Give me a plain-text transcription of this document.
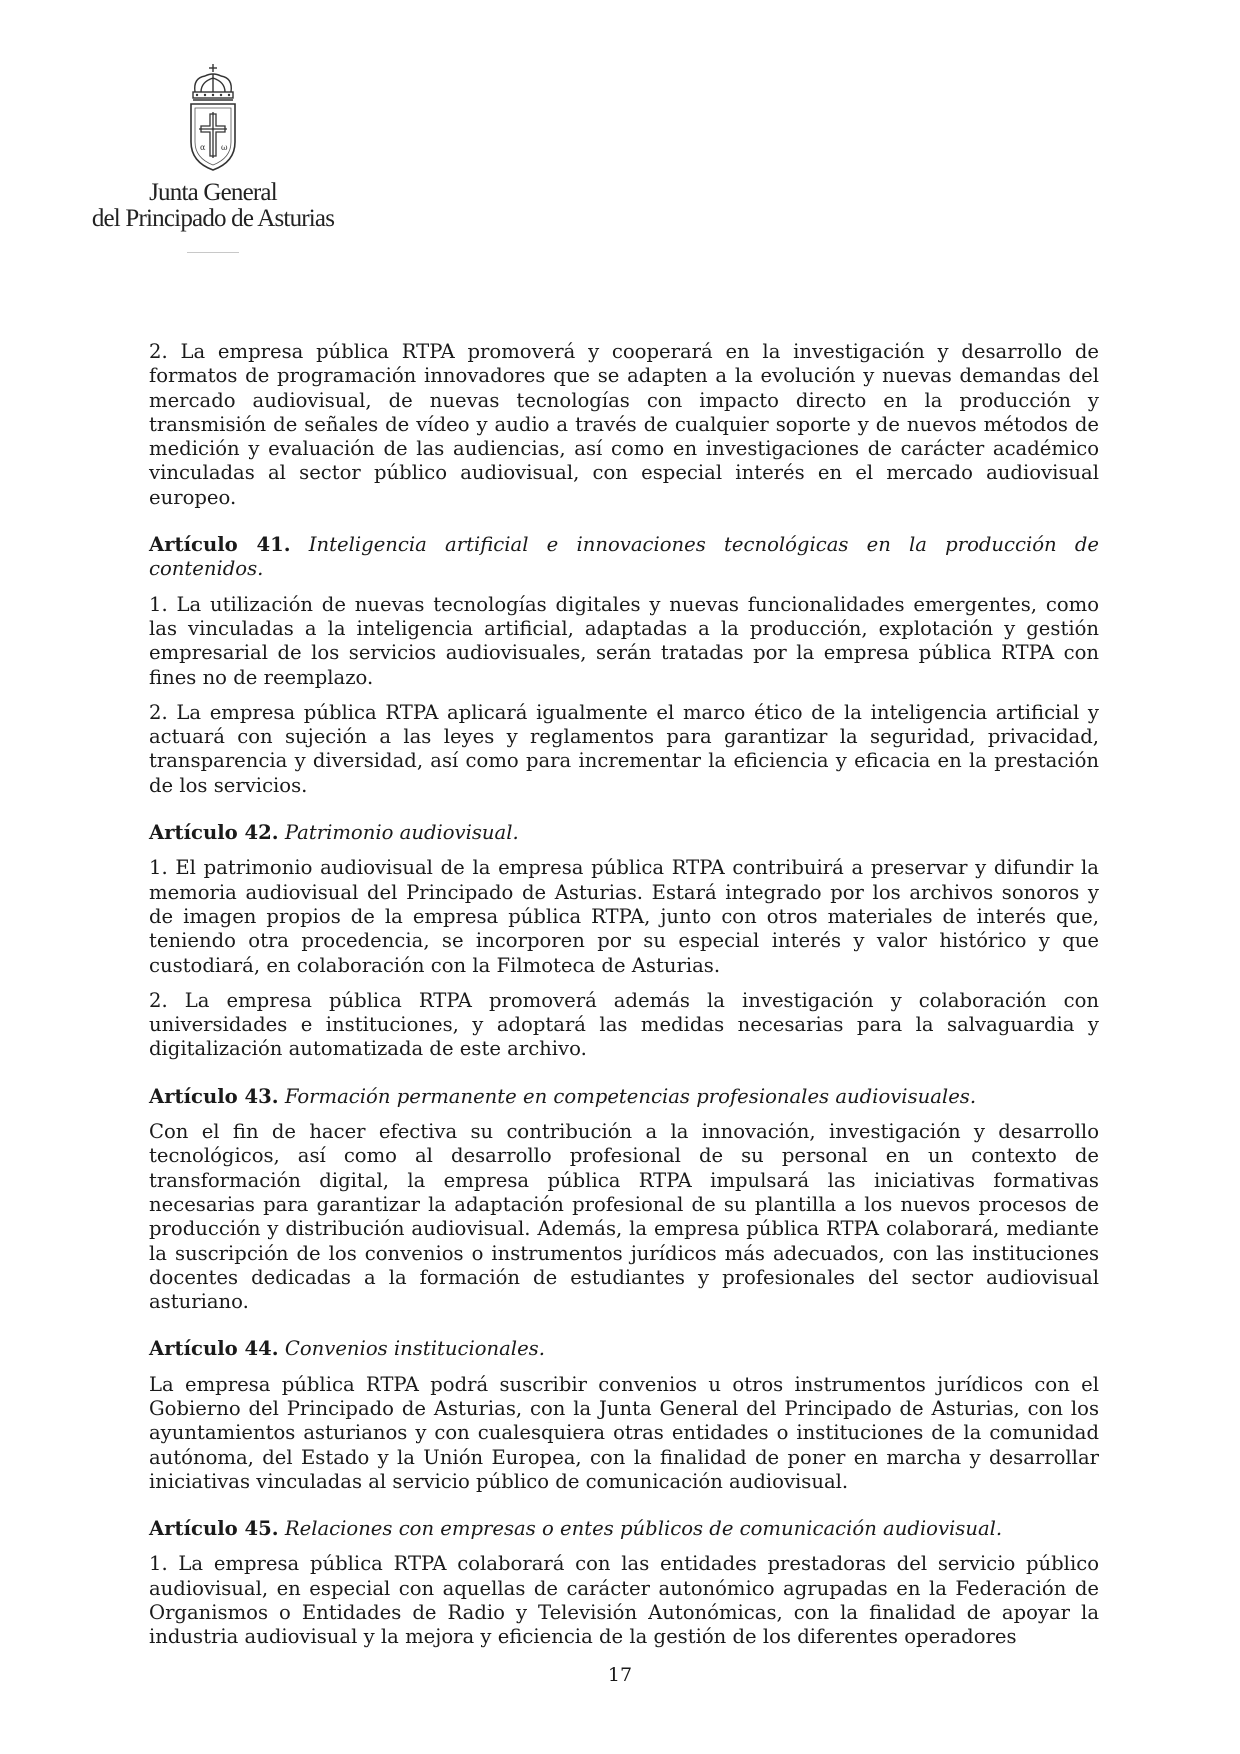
α ω
Junta General
del Principado de Asturias

2. La empresa pública RTPA promoverá y cooperará en la investigación y desarrollo de formatos de programación innovadores que se adapten a la evolución y nuevas demandas del mercado audiovisual, de nuevas tecnologías con impacto directo en la producción y transmisión de señales de vídeo y audio a través de cualquier soporte y de nuevos métodos de medición y evaluación de las audiencias, así como en investigaciones de carácter académico vinculadas al sector público audiovisual, con especial interés en el mercado audiovisual europeo.

Artículo 41. Inteligencia artificial e innovaciones tecnológicas en la producción de contenidos.

1. La utilización de nuevas tecnologías digitales y nuevas funcionalidades emergentes, como las vinculadas a la inteligencia artificial, adaptadas a la producción, explotación y gestión empresarial de los servicios audiovisuales, serán tratadas por la empresa pública RTPA con fines no de reemplazo.

2. La empresa pública RTPA aplicará igualmente el marco ético de la inteligencia artificial y actuará con sujeción a las leyes y reglamentos para garantizar la seguridad, privacidad, transparencia y diversidad, así como para incrementar la eficiencia y eficacia en la prestación de los servicios.

Artículo 42. Patrimonio audiovisual.

1. El patrimonio audiovisual de la empresa pública RTPA contribuirá a preservar y difundir la memoria audiovisual del Principado de Asturias. Estará integrado por los archivos sonoros y de imagen propios de la empresa pública RTPA, junto con otros materiales de interés que, teniendo otra procedencia, se incorporen por su especial interés y valor histórico y que custodiará, en colaboración con la Filmoteca de Asturias.

2. La empresa pública RTPA promoverá además la investigación y colaboración con universidades e instituciones, y adoptará las medidas necesarias para la salvaguardia y digitalización automatizada de este archivo.

Artículo 43. Formación permanente en competencias profesionales audiovisuales.

Con el fin de hacer efectiva su contribución a la innovación, investigación y desarrollo tecnológicos, así como al desarrollo profesional de su personal en un contexto de transformación digital, la empresa pública RTPA impulsará las iniciativas formativas necesarias para garantizar la adaptación profesional de su plantilla a los nuevos procesos de producción y distribución audiovisual. Además, la empresa pública RTPA colaborará, mediante la suscripción de los convenios o instrumentos jurídicos más adecuados, con las instituciones docentes dedicadas a la formación de estudiantes y profesionales del sector audiovisual asturiano.

Artículo 44. Convenios institucionales.

La empresa pública RTPA podrá suscribir convenios u otros instrumentos jurídicos con el Gobierno del Principado de Asturias, con la Junta General del Principado de Asturias, con los ayuntamientos asturianos y con cualesquiera otras entidades o instituciones de la comunidad autónoma, del Estado y la Unión Europea, con la finalidad de poner en marcha y desarrollar iniciativas vinculadas al servicio público de comunicación audiovisual.

Artículo 45. Relaciones con empresas o entes públicos de comunicación audiovisual.

1. La empresa pública RTPA colaborará con las entidades prestadoras del servicio público audiovisual, en especial con aquellas de carácter autonómico agrupadas en la Federación de Organismos o Entidades de Radio y Televisión Autonómicas, con la finalidad de apoyar la industria audiovisual y la mejora y eficiencia de la gestión de los diferentes operadores

17
